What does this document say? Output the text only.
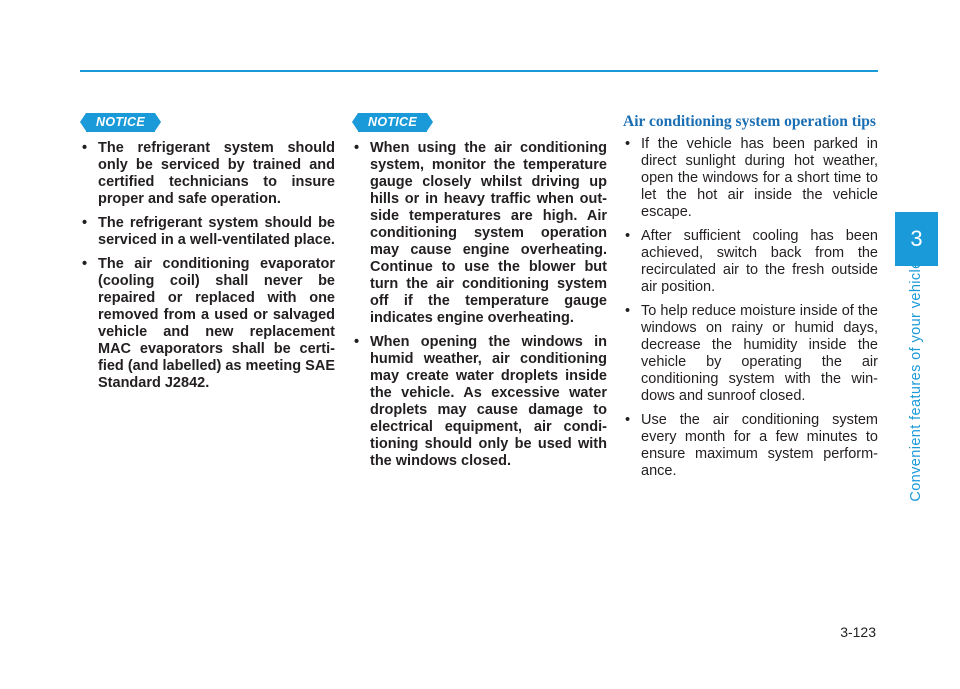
NOTICE
• The refrigerant system should only be serviced by trained and certified technicians to insure proper and safe operation.
• The refrigerant system should be serviced in a well-ventilated place.
• The air conditioning evaporator (cooling coil) shall never be repaired or replaced with one removed from a used or salvaged vehicle and new replacement MAC evaporators shall be certi-fied (and labelled) as meeting SAE Standard J2842.
NOTICE
• When using the air conditioning system, monitor the temperature gauge closely whilst driving up hills or in heavy traffic when out-side temperatures are high. Air conditioning system operation may cause engine overheating. Continue to use the blower but turn the air conditioning system off if the temperature gauge indicates engine overheating.
• When opening the windows in humid weather, air conditioning may create water droplets inside the vehicle. As excessive water droplets may cause damage to electrical equipment, air condi-tioning should only be used with the windows closed.
Air conditioning system operation tips
• If the vehicle has been parked in direct sunlight during hot weather, open the windows for a short time to let the hot air inside the vehicle escape.
• After sufficient cooling has been achieved, switch back from the recirculated air to the fresh outside air position.
• To help reduce moisture inside of the windows on rainy or humid days, decrease the humidity inside the vehicle by operating the air conditioning system with the win-dows and sunroof closed.
• Use the air conditioning system every month for a few minutes to ensure maximum system perform-ance.
3
Convenient features of your vehicle
3-123
